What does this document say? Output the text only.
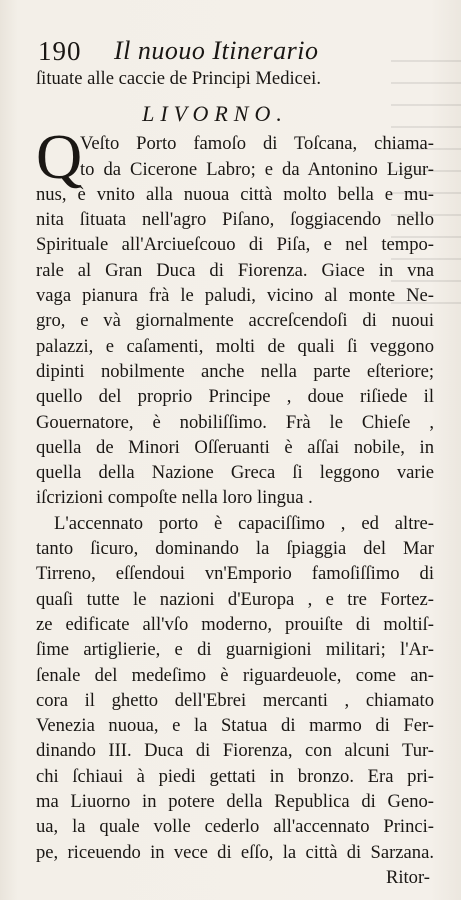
190 Il nuouo Itinerario
ſituate alle caccie de Principi Medicei.
LIVORNO.
Q
Veſto Porto famoſo di Toſcana, chiama-
to da Cicerone Labro; e da Antonino Ligur-
nus, è vnito alla nuoua città molto bella e mu-
nita ſituata nell'agro Piſano, ſoggiacendo nello
Spirituale all'Arciueſcouo di Piſa, e nel tempo-
rale al Gran Duca di Fiorenza. Giace in vna
vaga pianura frà le paludi, vicino al monte Ne-
gro, e và giornalmente accreſcendoſi di nuoui
palazzi, e caſamenti, molti de quali ſi veggono
dipinti nobilmente anche nella parte eſteriore;
quello del proprio Principe , doue riſiede il
Gouernatore, è nobiliſſimo. Frà le Chieſe ,
quella de Minori Oſſeruanti è aſſai nobile, in
quella della Nazione Greca ſi leggono varie
iſcrizioni compoſte nella loro lingua .
L'accennato porto è capaciſſimo , ed altre-
tanto ſicuro, dominando la ſpiaggia del Mar
Tirreno, eſſendoui vn'Emporio famoſiſſimo di
quaſi tutte le nazioni d'Europa , e tre Fortez-
ze edificate all'vſo moderno, prouiſte di moltiſ-
ſime artiglierie, e di guarnigioni militari; l'Ar-
ſenale del medeſimo è riguardeuole, come an-
cora il ghetto dell'Ebrei mercanti , chiamato
Venezia nuoua, e la Statua di marmo di Fer-
dinando III. Duca di Fiorenza, con alcuni Tur-
chi ſchiaui à piedi gettati in bronzo. Era pri-
ma Liuorno in potere della Republica di Geno-
ua, la quale volle cederlo all'accennato Princi-
pe, riceuendo in vece di eſſo, la città di Sarzana.
Ritor-
